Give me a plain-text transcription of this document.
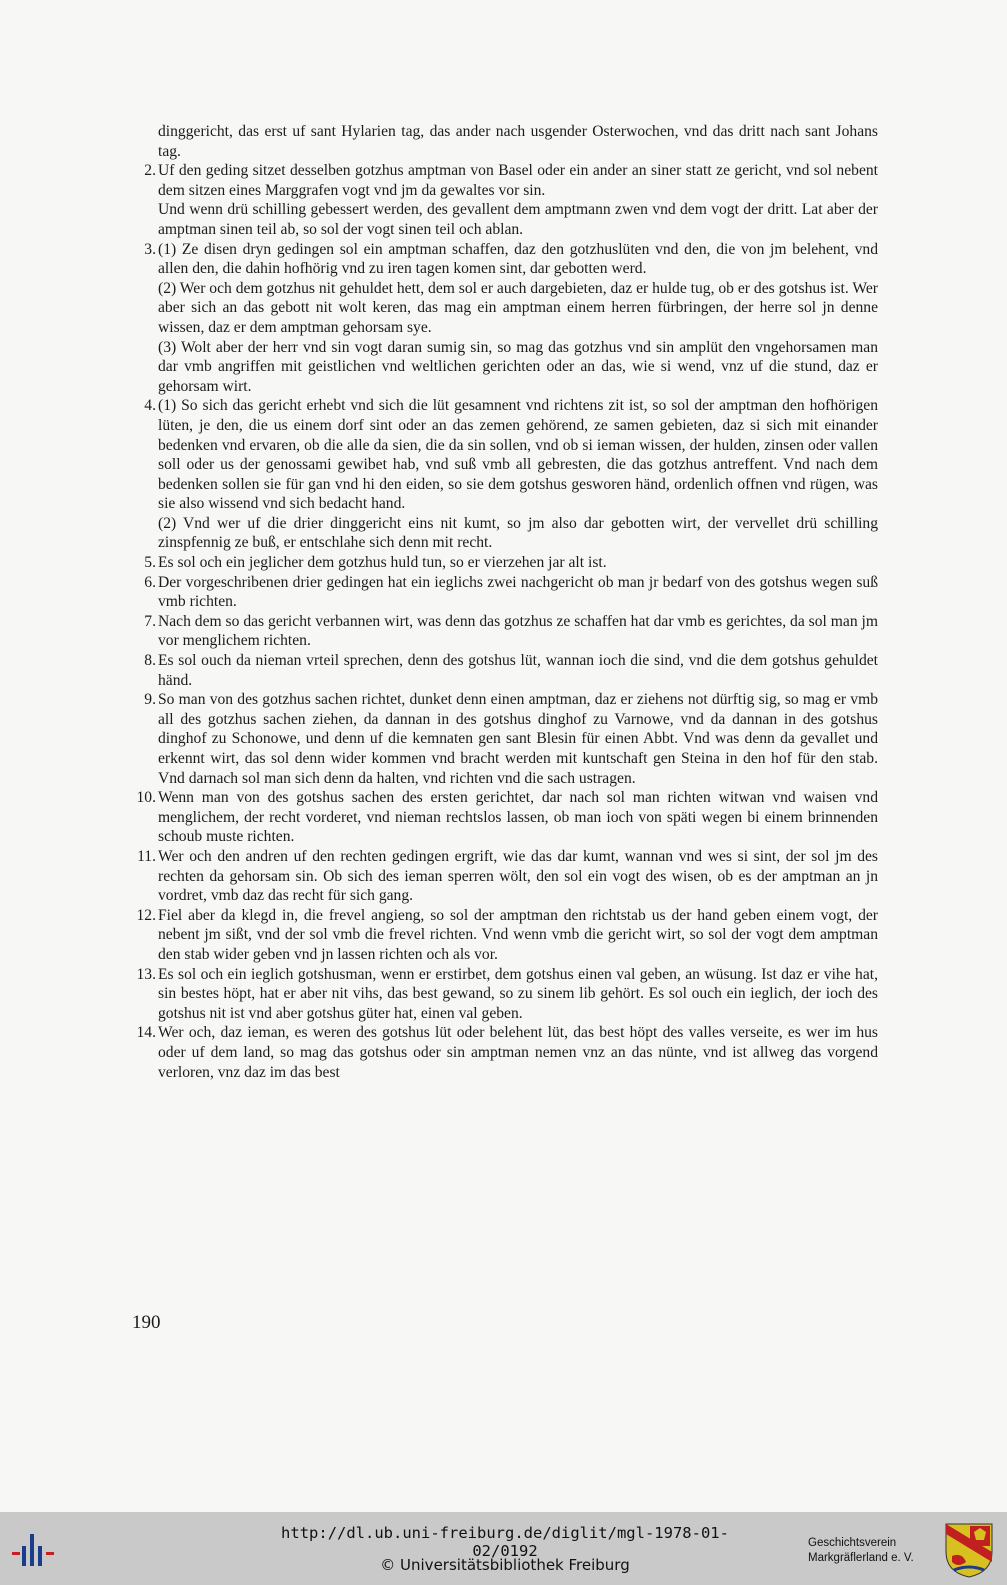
dinggericht, das erst uf sant Hylarien tag, das ander nach usgender Osterwochen, vnd das dritt nach sant Johans tag.
2. Uf den geding sitzet desselben gotzhus amptman von Basel oder ein ander an siner statt ze gericht, vnd sol nebent dem sitzen eines Marggrafen vogt vnd jm da gewaltes vor sin.
Und wenn drü schilling gebessert werden, des gevallent dem amptmann zwen vnd dem vogt der dritt. Lat aber der amptman sinen teil ab, so sol der vogt sinen teil och ablan.
3. (1) Ze disen dryn gedingen sol ein amptman schaffen, daz den gotzhuslüten vnd den, die von jm belehent, vnd allen den, die dahin hofhörig vnd zu iren tagen komen sint, dar gebotten werd.
(2) Wer och dem gotzhus nit gehuldet hett, dem sol er auch dargebieten, daz er hulde tug, ob er des gotshus ist. Wer aber sich an das gebott nit wolt keren, das mag ein amptman einem herren fürbringen, der herre sol jn denne wissen, daz er dem amptman gehorsam sye.
(3) Wolt aber der herr vnd sin vogt daran sumig sin, so mag das gotzhus vnd sin amplüt den vngehorsamen man dar vmb angriffen mit geistlichen vnd weltlichen gerichten oder an das, wie si wend, vnz uf die stund, daz er gehorsam wirt.
4. (1) So sich das gericht erhebt vnd sich die lüt gesamnent vnd richtens zit ist, so sol der amptman den hofhörigen lüten, je den, die us einem dorf sint oder an das zemen gehörend, ze samen gebieten, daz si sich mit einander bedenken vnd ervaren, ob die alle da sien, die da sin sollen, vnd ob si ieman wissen, der hulden, zinsen oder vallen soll oder us der genossami gewibet hab, vnd suß vmb all gebresten, die das gotzhus antreffent. Vnd nach dem bedenken sollen sie für gan vnd hi den eiden, so sie dem gotshus gesworen händ, ordenlich offnen vnd rügen, was sie also wissend vnd sich bedacht hand.
(2) Vnd wer uf die drier dinggericht eins nit kumt, so jm also dar gebotten wirt, der vervellet drü schilling zinspfennig ze buß, er entschlahe sich denn mit recht.
5. Es sol och ein jeglicher dem gotzhus huld tun, so er vierzehen jar alt ist.
6. Der vorgeschribenen drier gedingen hat ein ieglichs zwei nachgericht ob man jr bedarf von des gotshus wegen suß vmb richten.
7. Nach dem so das gericht verbannen wirt, was denn das gotzhus ze schaffen hat dar vmb es gerichtes, da sol man jm vor menglichem richten.
8. Es sol ouch da nieman vrteil sprechen, denn des gotshus lüt, wannan ioch die sind, vnd die dem gotshus gehuldet händ.
9. So man von des gotzhus sachen richtet, dunket denn einen amptman, daz er ziehens not dürftig sig, so mag er vmb all des gotzhus sachen ziehen, da dannan in des gotshus dinghof zu Varnowe, vnd da dannan in des gotshus dinghof zu Schonowe, und denn uf die kemnaten gen sant Blesin für einen Abbt. Vnd was denn da gevallet und erkennt wirt, das sol denn wider kommen vnd bracht werden mit kuntschaft gen Steina in den hof für den stab. Vnd darnach sol man sich denn da halten, vnd richten vnd die sach ustragen.
10. Wenn man von des gotshus sachen des ersten gerichtet, dar nach sol man richten witwan vnd waisen vnd menglichem, der recht vorderet, vnd nieman rechtslos lassen, ob man ioch von späti wegen bi einem brinnenden schoub muste richten.
11. Wer och den andren uf den rechten gedingen ergrift, wie das dar kumt, wannan vnd wes si sint, der sol jm des rechten da gehorsam sin. Ob sich des ieman sperren wölt, den sol ein vogt des wisen, ob es der amptman an jn vordret, vmb daz das recht für sich gang.
12. Fiel aber da klegd in, die frevel angieng, so sol der amptman den richtstab us der hand geben einem vogt, der nebent jm sißt, vnd der sol vmb die frevel richten. Vnd wenn vmb die gericht wirt, so sol der vogt dem amptman den stab wider geben vnd jn lassen richten och als vor.
13. Es sol och ein ieglich gotshusman, wenn er erstirbet, dem gotshus einen val geben, an wüsung. Ist daz er vihe hat, sin bestes höpt, hat er aber nit vihs, das best gewand, so zu sinem lib gehört. Es sol ouch ein ieglich, der ioch des gotshus nit ist vnd aber gotshus güter hat, einen val geben.
14. Wer och, daz ieman, es weren des gotshus lüt oder belehent lüt, das best höpt des valles verseite, es wer im hus oder uf dem land, so mag das gotshus oder sin amptman nemen vnz an das nünte, vnd ist allweg das vorgend verloren, vnz daz im das best
190
http://dl.ub.uni-freiburg.de/diglit/mgl-1978-01-02/0192
© Universitätsbibliothek Freiburg
Geschichtsverein
Markgräflerland e. V.
